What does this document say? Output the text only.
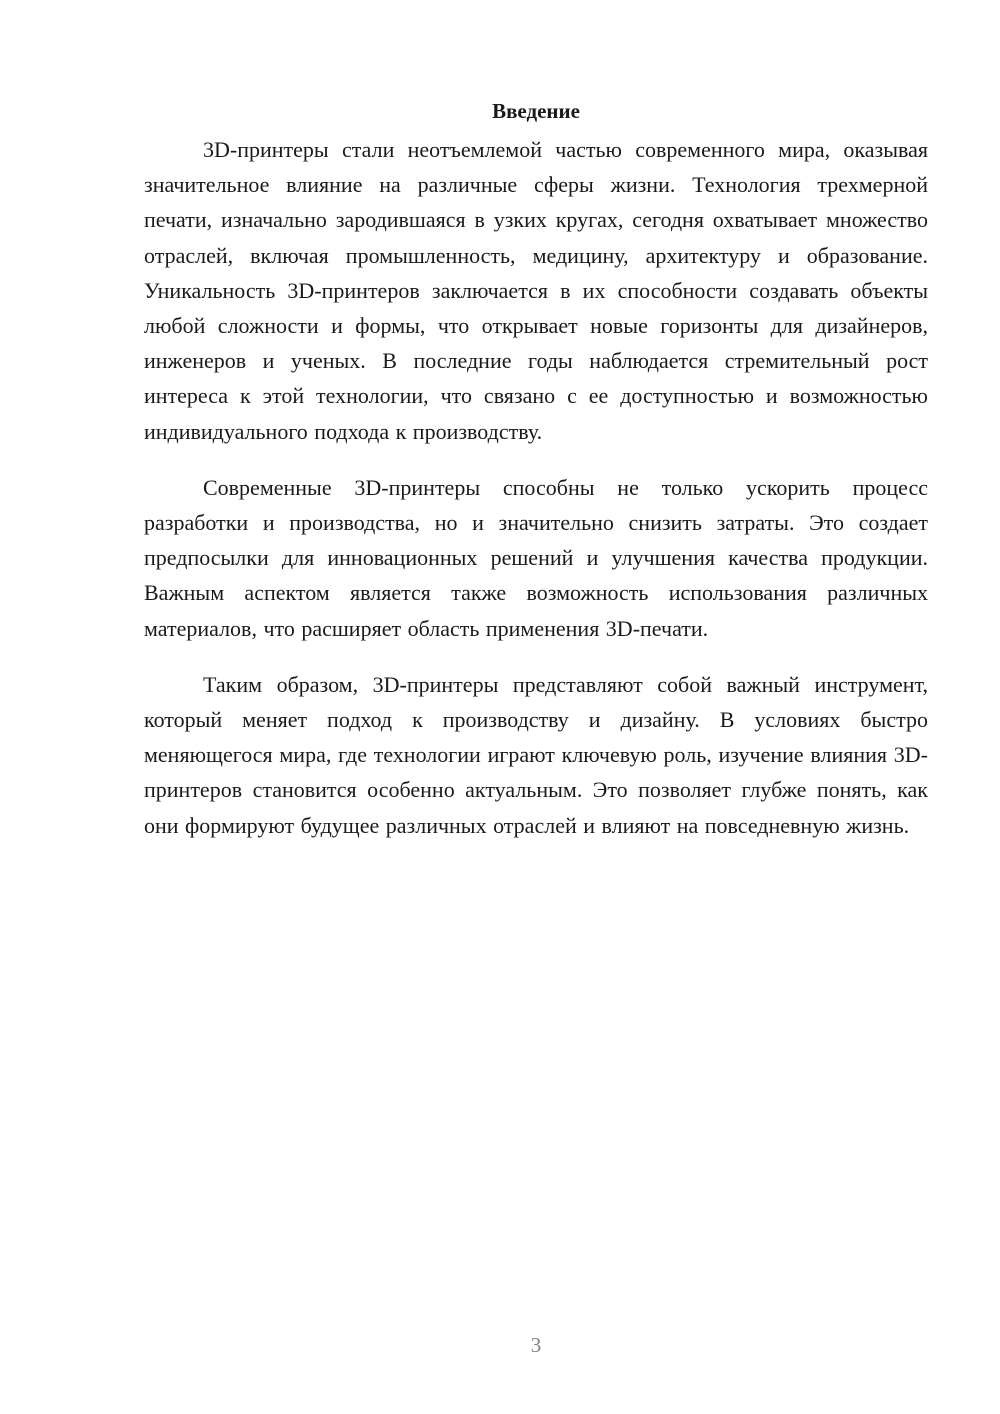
Введение

3D-принтеры стали неотъемлемой частью современного мира, оказывая значительное влияние на различные сферы жизни. Технология трехмерной печати, изначально зародившаяся в узких кругах, сегодня охватывает множество отраслей, включая промышленность, медицину, архитектуру и образование. Уникальность 3D-принтеров заключается в их способности создавать объекты любой сложности и формы, что открывает новые горизонты для дизайнеров, инженеров и ученых. В последние годы наблюдается стремительный рост интереса к этой технологии, что связано с ее доступностью и возможностью индивидуального подхода к производству.

Современные 3D-принтеры способны не только ускорить процесс разработки и производства, но и значительно снизить затраты. Это создает предпосылки для инновационных решений и улучшения качества продукции. Важным аспектом является также возможность использования различных материалов, что расширяет область применения 3D-печати.

Таким образом, 3D-принтеры представляют собой важный инструмент, который меняет подход к производству и дизайну. В условиях быстро меняющегося мира, где технологии играют ключевую роль, изучение влияния 3D-принтеров становится особенно актуальным. Это позволяет глубже понять, как они формируют будущее различных отраслей и влияют на повседневную жизнь.

3
